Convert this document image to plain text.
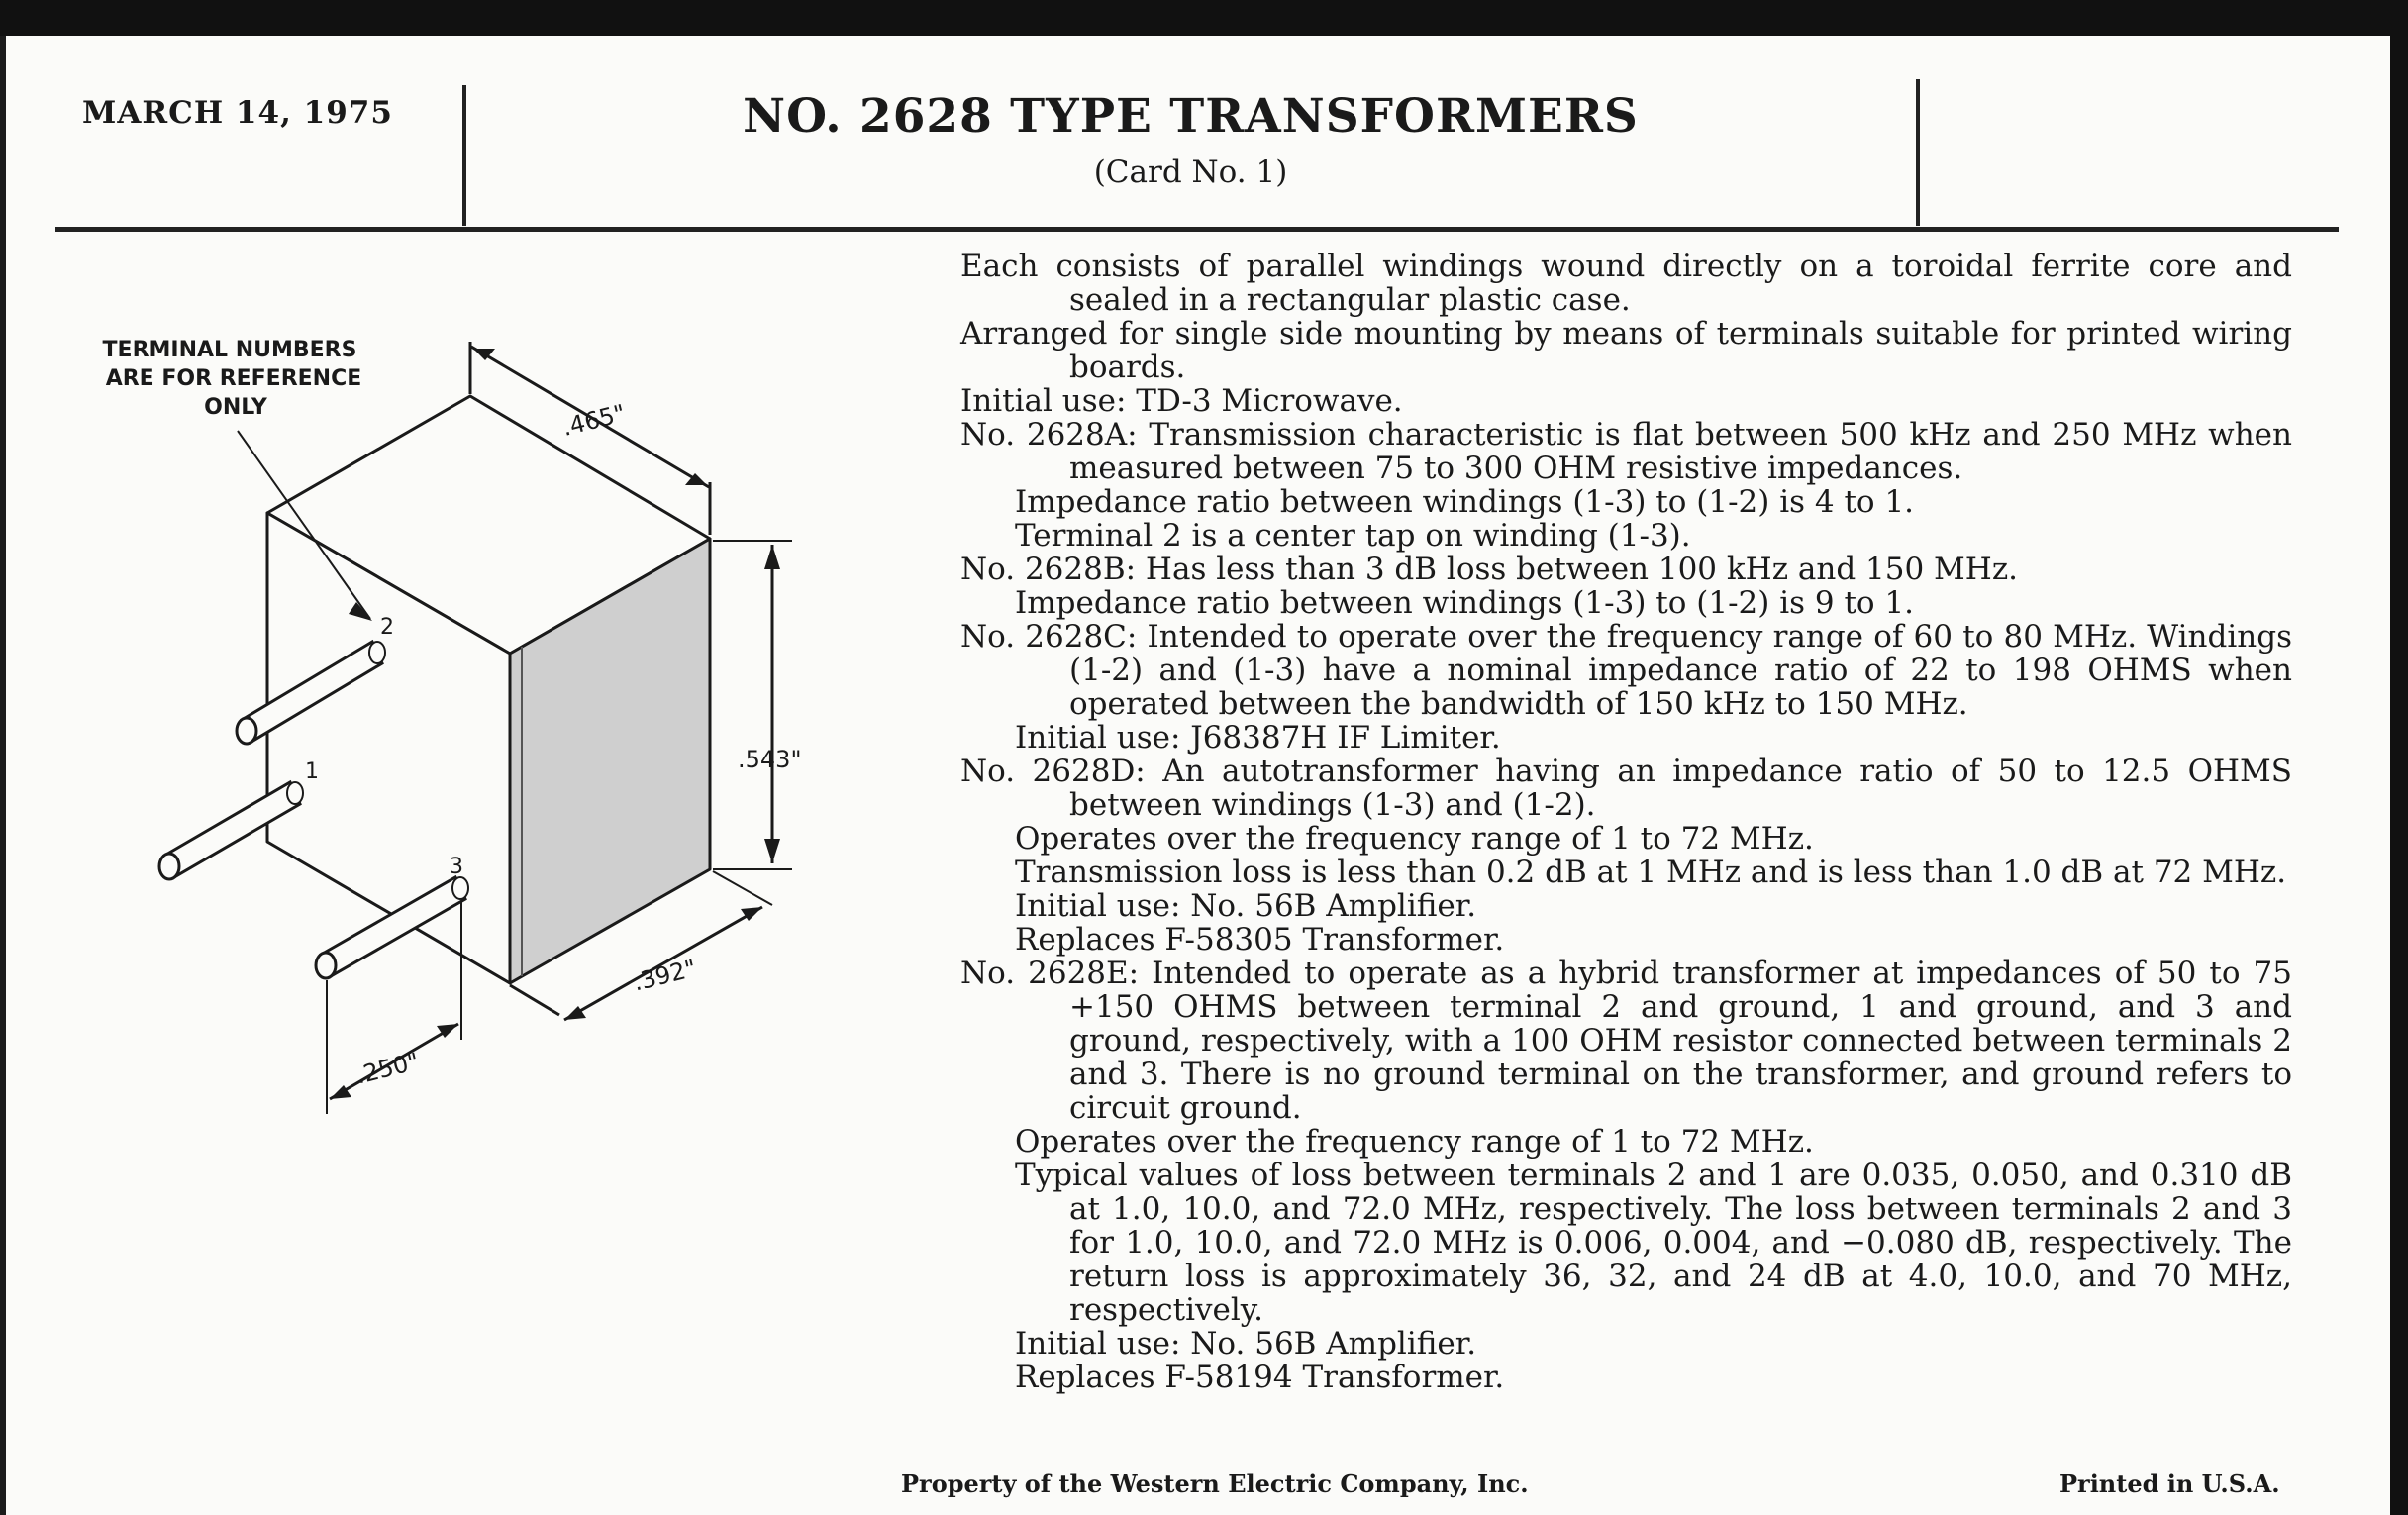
MARCH 14, 1975	NO. 2628 TYPE TRANSFORMERS
(Card No. 1)
TERMINAL NUMBERS
ARE FOR REFERENCE
ONLY
2
1
3
.465"
.543"
.392"
.250"

Each consists of parallel windings wound directly on a toroidal ferrite core and sealed in a rectangular plastic case.

Arranged for single side mounting by means of terminals suitable for printed wiring boards.

Initial use: TD-3 Microwave.

No. 2628A: Transmission characteristic is flat between 500 kHz and 250 MHz when measured between 75 to 300 OHM resistive impedances.

Impedance ratio between windings (1-3) to (1-2) is 4 to 1.

Terminal 2 is a center tap on winding (1-3).

No. 2628B: Has less than 3 dB loss between 100 kHz and 150 MHz.

Impedance ratio between windings (1-3) to (1-2) is 9 to 1.

No. 2628C: Intended to operate over the frequency range of 60 to 80 MHz. Windings (1-2) and (1-3) have a nominal impedance ratio of 22 to 198 OHMS when operated between the bandwidth of 150 kHz to 150 MHz.

Initial use: J68387H IF Limiter.

No. 2628D: An autotransformer having an impedance ratio of 50 to 12.5 OHMS between windings (1-3) and (1-2).

Operates over the frequency range of 1 to 72 MHz.

Transmission loss is less than 0.2 dB at 1 MHz and is less than 1.0 dB at 72 MHz.

Initial use: No. 56B Amplifier.

Replaces F-58305 Transformer.

No. 2628E: Intended to operate as a hybrid transformer at impedances of 50 to 75 +150 OHMS between terminal 2 and ground, 1 and ground, and 3 and ground, respectively, with a 100 OHM resistor connected between terminals 2 and 3. There is no ground terminal on the transformer, and ground refers to circuit ground.

Operates over the frequency range of 1 to 72 MHz.

Typical values of loss between terminals 2 and 1 are 0.035, 0.050, and 0.310 dB at 1.0, 10.0, and 72.0 MHz, respectively. The loss between terminals 2 and 3 for 1.0, 10.0, and 72.0 MHz is 0.006, 0.004, and −0.080 dB, respectively. The return loss is approximately 36, 32, and 24 dB at 4.0, 10.0, and 70 MHz, respectively.

Initial use: No. 56B Amplifier.

Replaces F-58194 Transformer.

Property of the Western Electric Company, Inc.	Printed in U.S.A.
